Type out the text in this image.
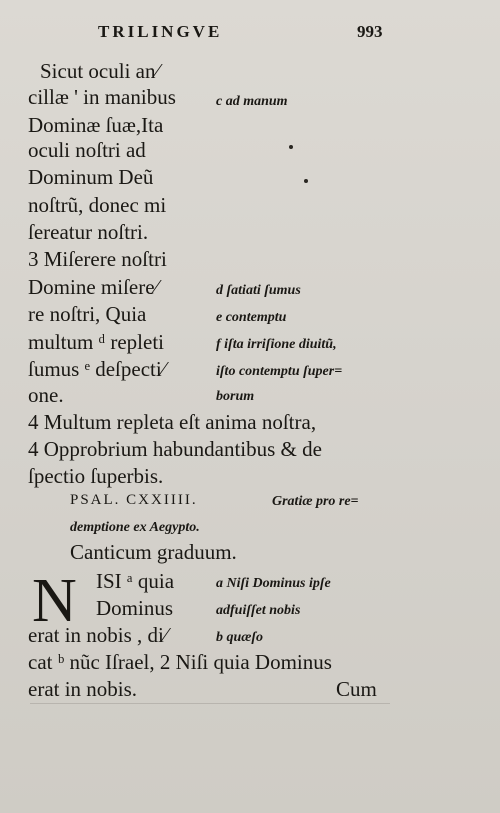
TRILINGVE	993
Sicut oculi an⁄
cillæ ' in manibus
Dominæ ſuæ,Ita
oculi noſtri ad
Dominum Deũ
noſtrũ, donec mi
ſereatur noſtri.
3 Miſerere noſtri
Domine miſere⁄
re noſtri, Quia
multum ᵈ repleti
ſumus ᵉ deſpecti⁄
one.
4 Multum repleta eſt anima noſtra,
4 Opprobrium habundantibus & de
ſpectio ſuperbis.
c ad manum
d ſatiati ſumus
e contemptu
f iſta irriſione diuitũ,
iſto contemptu ſuper=
borum
PSAL. CXXIIII.	Gratiæ pro re=
demptione ex Aegypto.
Canticum graduum.
N ISI ᵃ quia
Dominus
erat in nobis , di⁄
cat ᵇ nũc Iſrael, 2 Niſi quia Dominus
erat in nobis.
a Niſi Dominus ipſe
adfuiſſet nobis
b quæſo
Cum
